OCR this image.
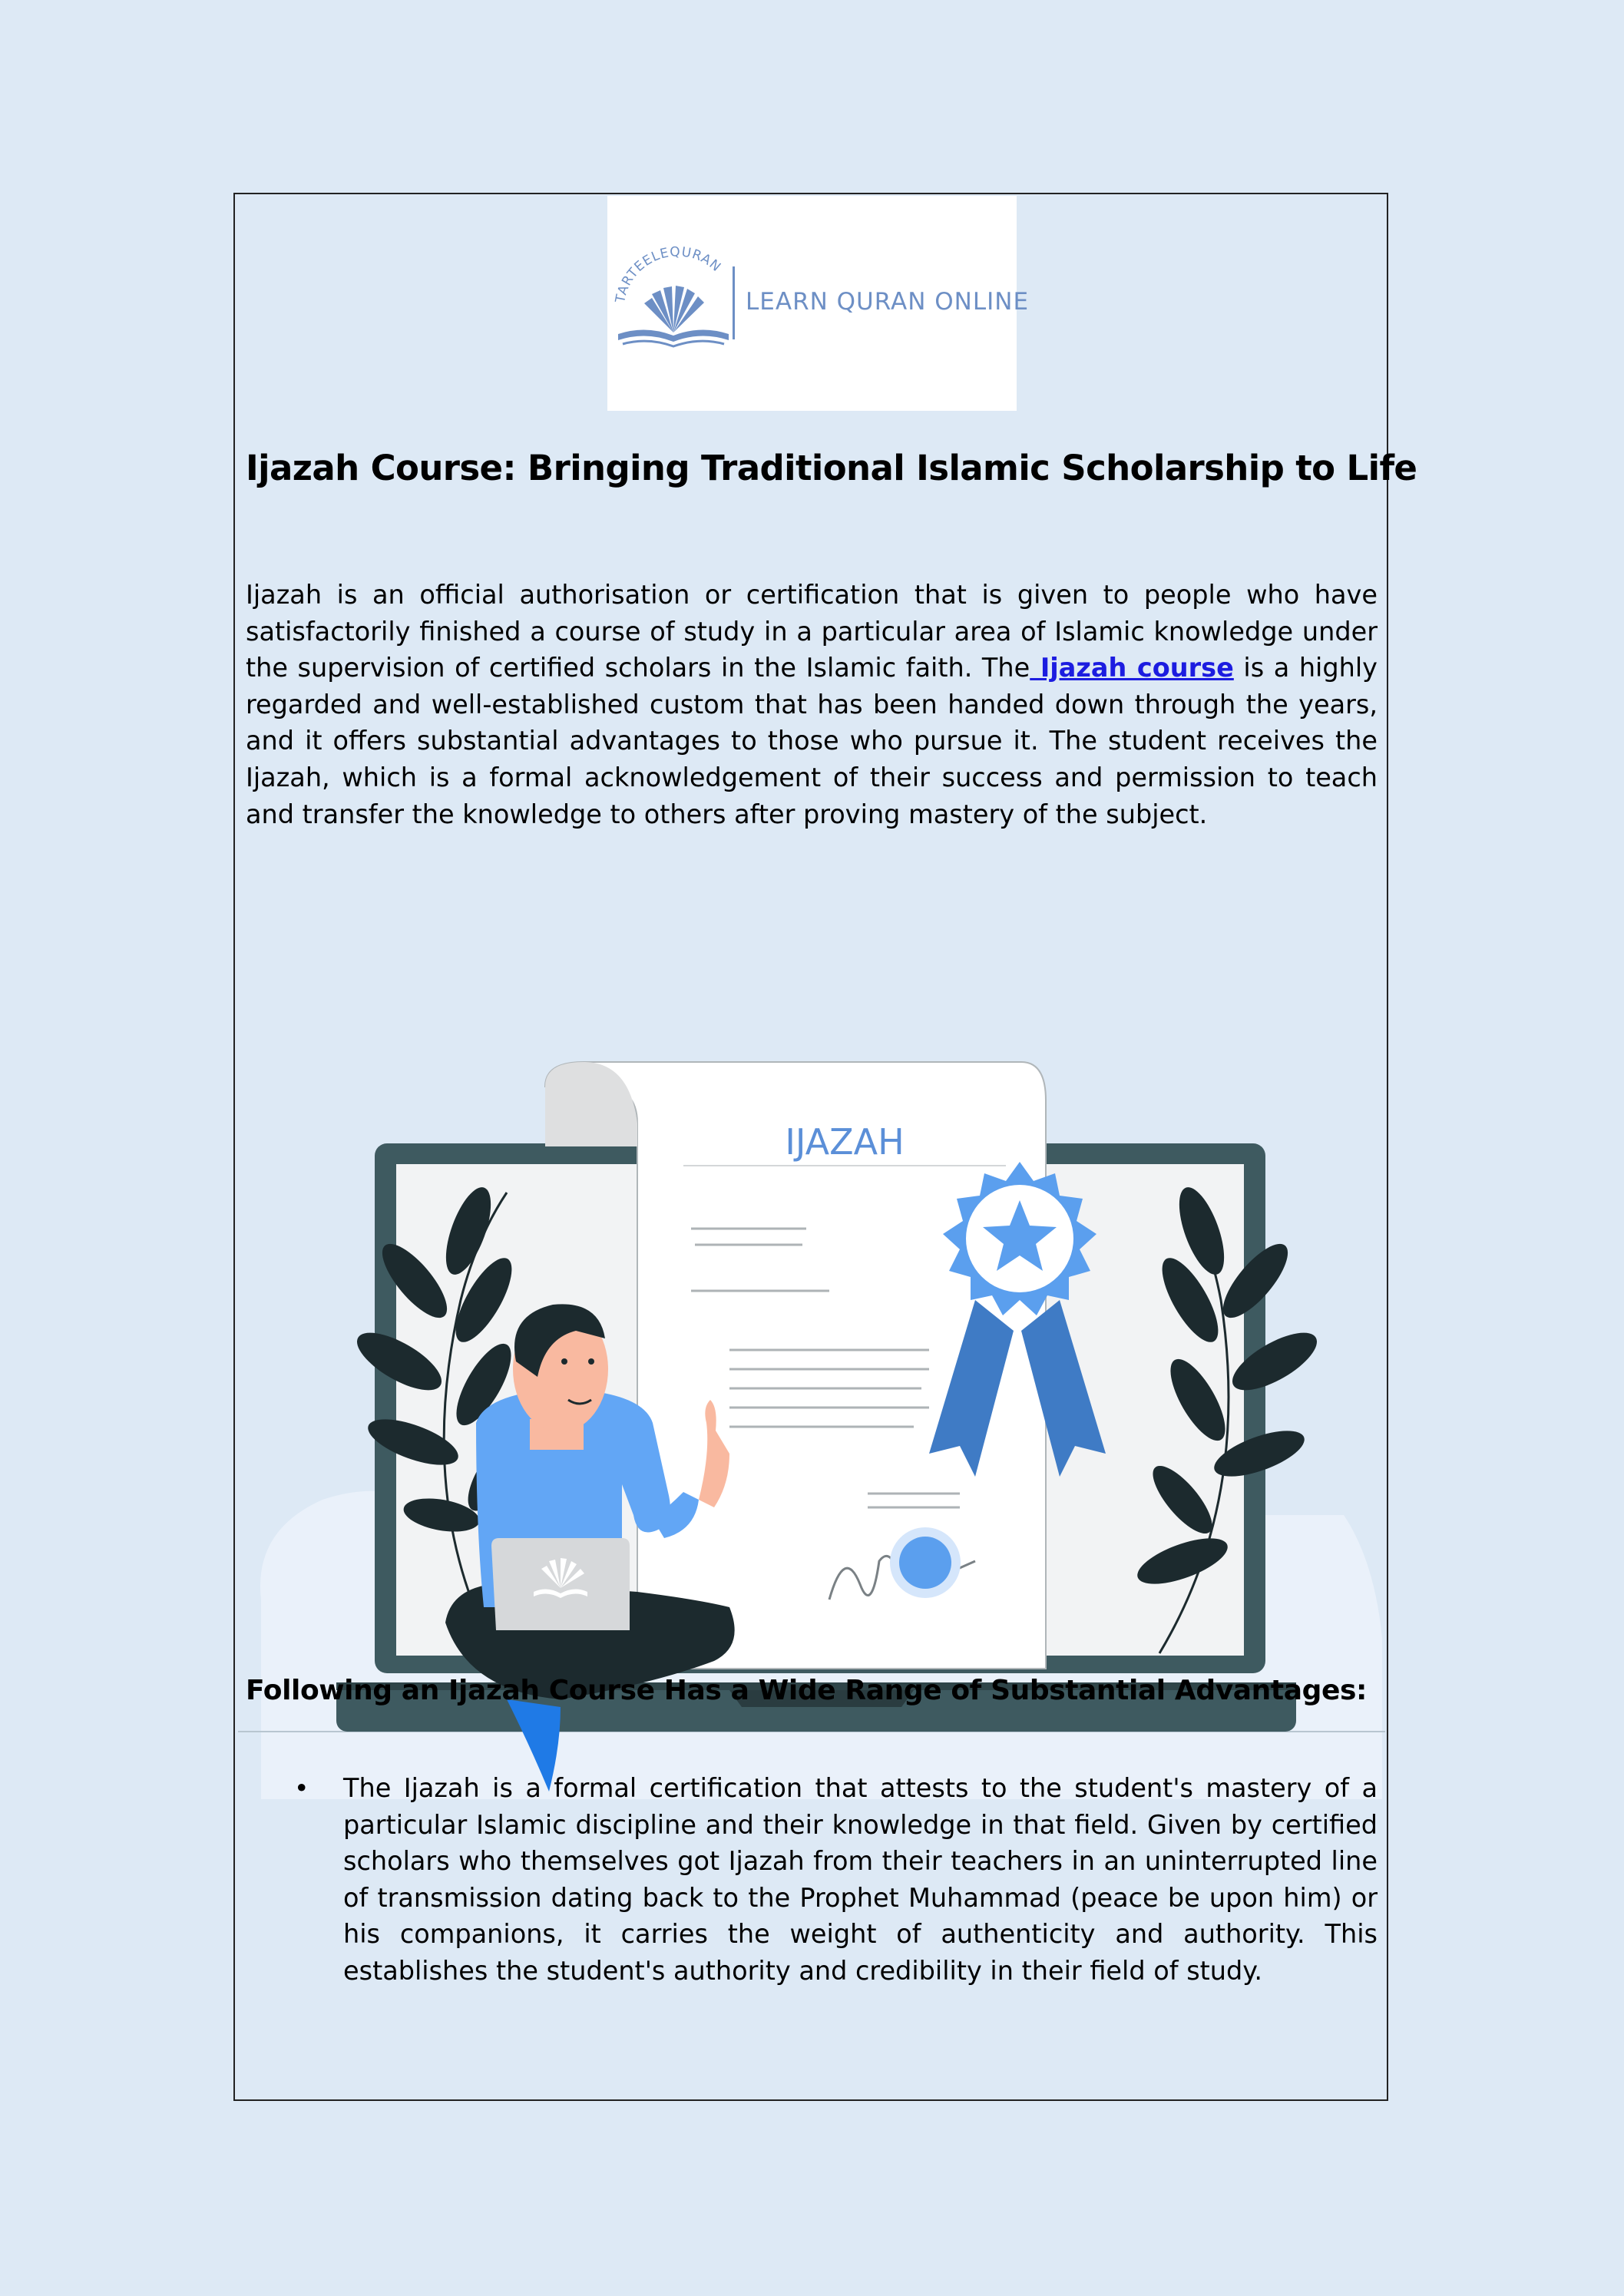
TARTEELEQURAN
LEARN QURAN ONLINE
Ijazah Course: Bringing Traditional Islamic Scholarship to Life

Ijazah is an official authorisation or certification that is given to people who have satisfactorily finished a course of study in a particular area of Islamic knowledge under the supervision of certified scholars in the Islamic faith. The Ijazah course is a highly regarded and well-established custom that has been handed down through the years, and it offers substantial advantages to those who pursue it. The student receives the Ijazah, which is a formal acknowledgement of their success and permission to teach and transfer the knowledge to others after proving mastery of the subject.

IJAZAH
Following an Ijazah Course Has a Wide Range of Substantial Advantages:
• The Ijazah is a formal certification that attests to the student's mastery of a particular Islamic discipline and their knowledge in that field. Given by certified scholars who themselves got Ijazah from their teachers in an uninterrupted line of transmission dating back to the Prophet Muhammad (peace be upon him) or his companions, it carries the weight of authenticity and authority. This establishes the student's authority and credibility in their field of study.
